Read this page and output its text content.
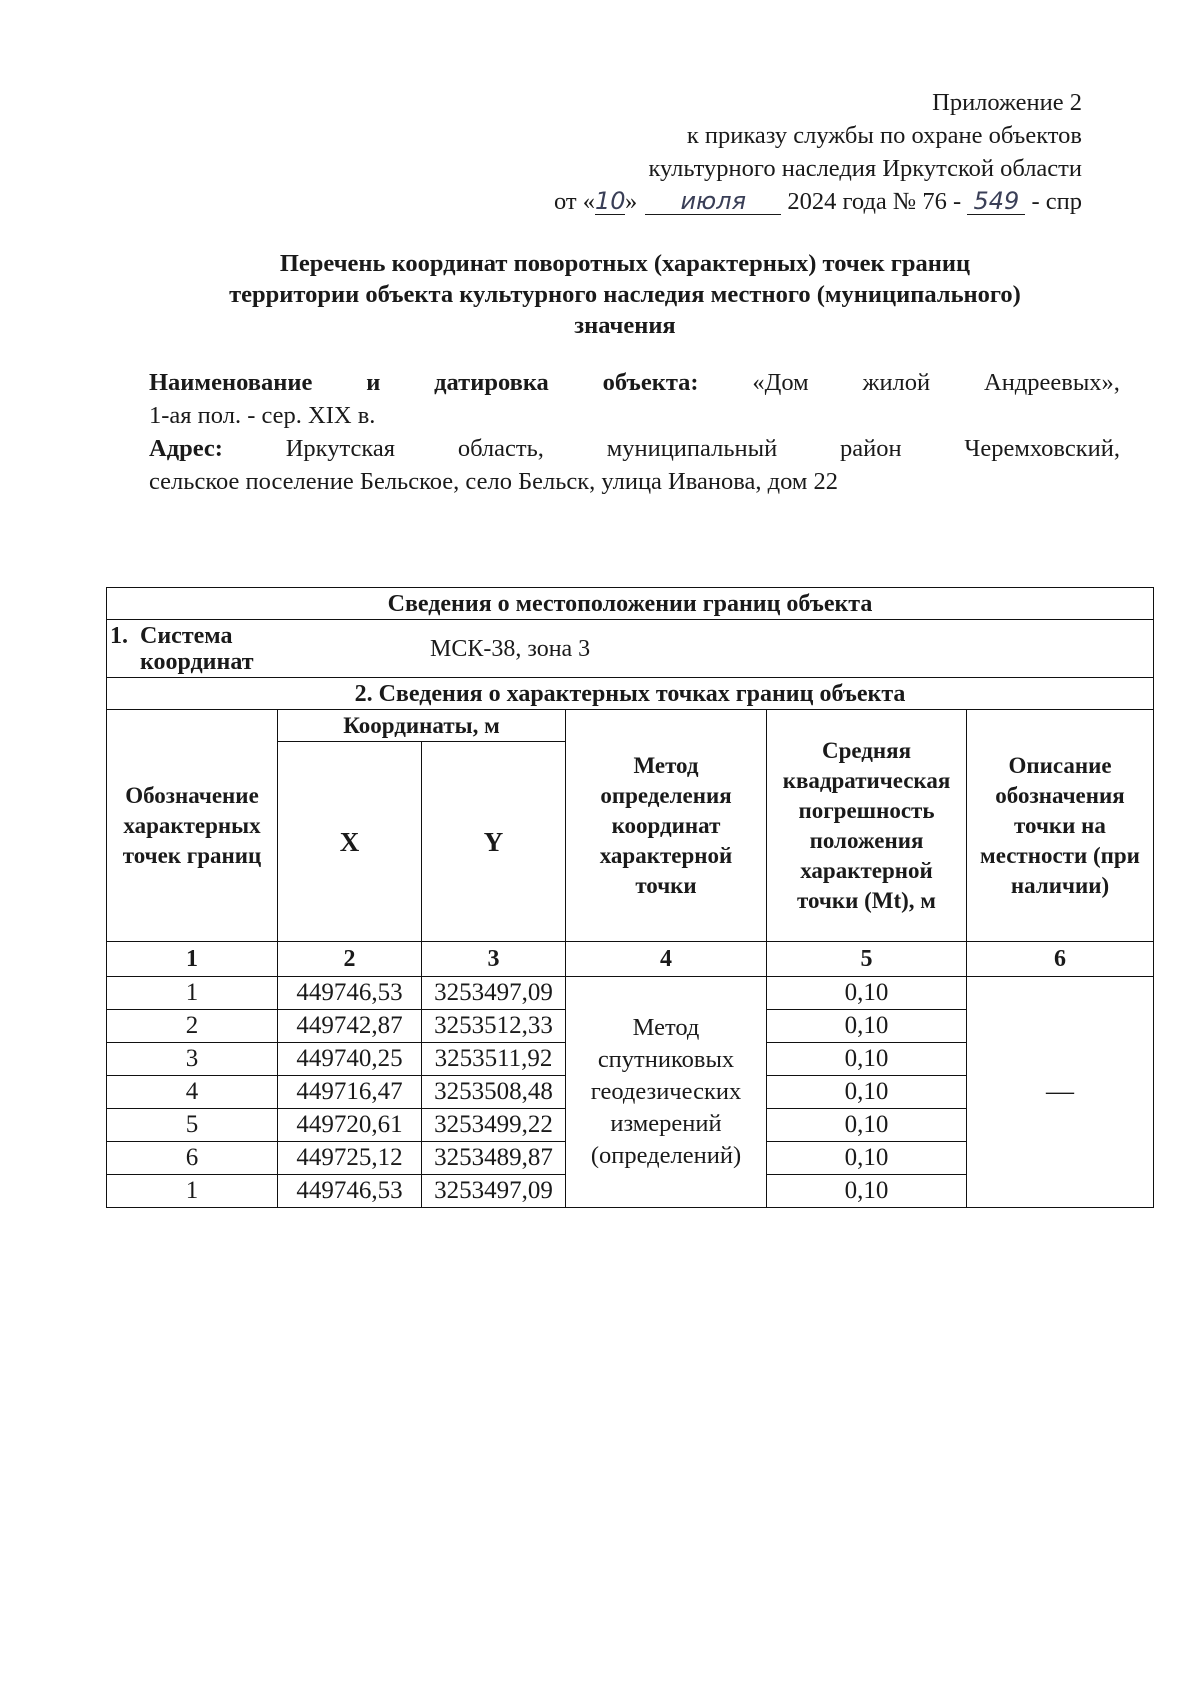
Приложение 2
к приказу службы по охране объектов
культурного наследия Иркутской области
от «10» июля 2024 года № 76 - 549 - спр
Перечень координат поворотных (характерных) точек границ
территории объекта культурного наследия местного (муниципального)
значения
Наименование и датировка объекта: «Дом жилой Андреевых»,
1-ая пол. - сер. XIX в.
Адрес:	Иркутская	область,	муниципальный	район	Черемховский,
сельское поселение Бельское, село Бельск, улица Иванова, дом 22
Сведения о местоположении границ объекта					

1. Система координат МСК-38, зона 3					

2. Сведения о характерных точках границ объекта					
Обозначение характерных точек границ	Координаты, м		Метод определения координат характерной точки	Средняя квадратическая погрешность положения характерной точки (Mt), м	Описание обозначения точки на местности (при наличии)
	X	Y			
1	2	3	4	5	6
1	449746,53	3253497,09	Метод спутниковых геодезических измерений (определений)	0,10	—
2	449742,87	3253512,33		0,10	
3	449740,25	3253511,92		0,10	
4	449716,47	3253508,48		0,10	
5	449720,61	3253499,22		0,10	
6	449725,12	3253489,87		0,10	
1	449746,53	3253497,09		0,10	
